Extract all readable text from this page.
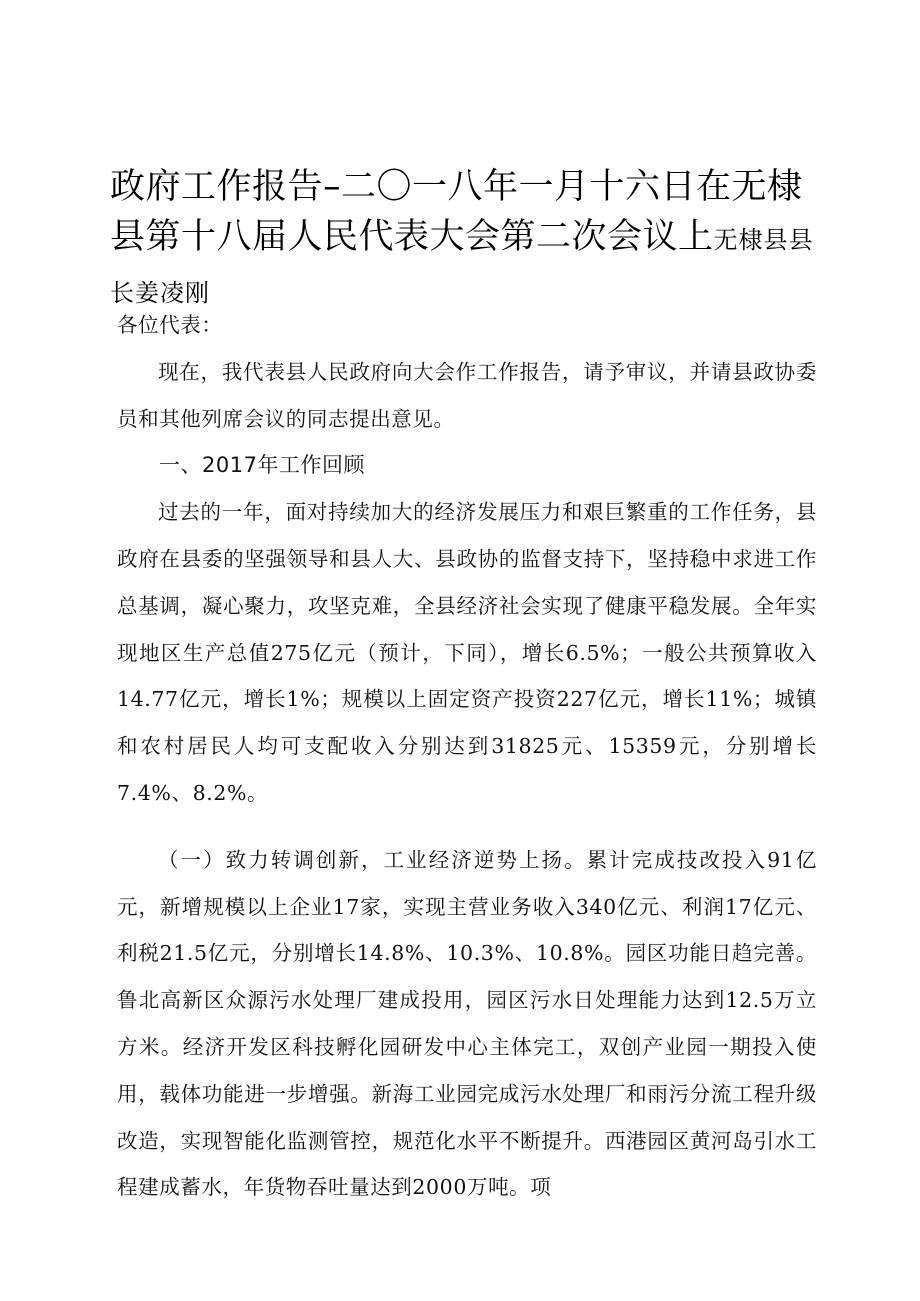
政府工作报告–二〇一八年一月十六日在无棣县第十八届人民代表大会第二次会议上无棣县县长姜凌刚

各位代表：

现在，我代表县人民政府向大会作工作报告，请予审议，并请县政协委员和其他列席会议的同志提出意见。

一、2017年工作回顾

过去的一年，面对持续加大的经济发展压力和艰巨繁重的工作任务，县政府在县委的坚强领导和县人大、县政协的监督支持下，坚持稳中求进工作总基调，凝心聚力，攻坚克难，全县经济社会实现了健康平稳发展。全年实现地区生产总值275亿元（预计，下同），增长6.5%；一般公共预算收入14.77亿元，增长1%；规模以上固定资产投资227亿元，增长11%；城镇和农村居民人均可支配收入分别达到31825元、15359元，分别增长7.4%、8.2%。

（一）致力转调创新，工业经济逆势上扬。累计完成技改投入91亿元，新增规模以上企业17家，实现主营业务收入340亿元、利润17亿元、利税21.5亿元，分别增长14.8%、10.3%、10.8%。园区功能日趋完善。鲁北高新区众源污水处理厂建成投用，园区污水日处理能力达到12.5万立方米。经济开发区科技孵化园研发中心主体完工，双创产业园一期投入使用，载体功能进一步增强。新海工业园完成污水处理厂和雨污分流工程升级改造，实现智能化监测管控，规范化水平不断提升。西港园区黄河岛引水工程建成蓄水，年货物吞吐量达到2000万吨。项
